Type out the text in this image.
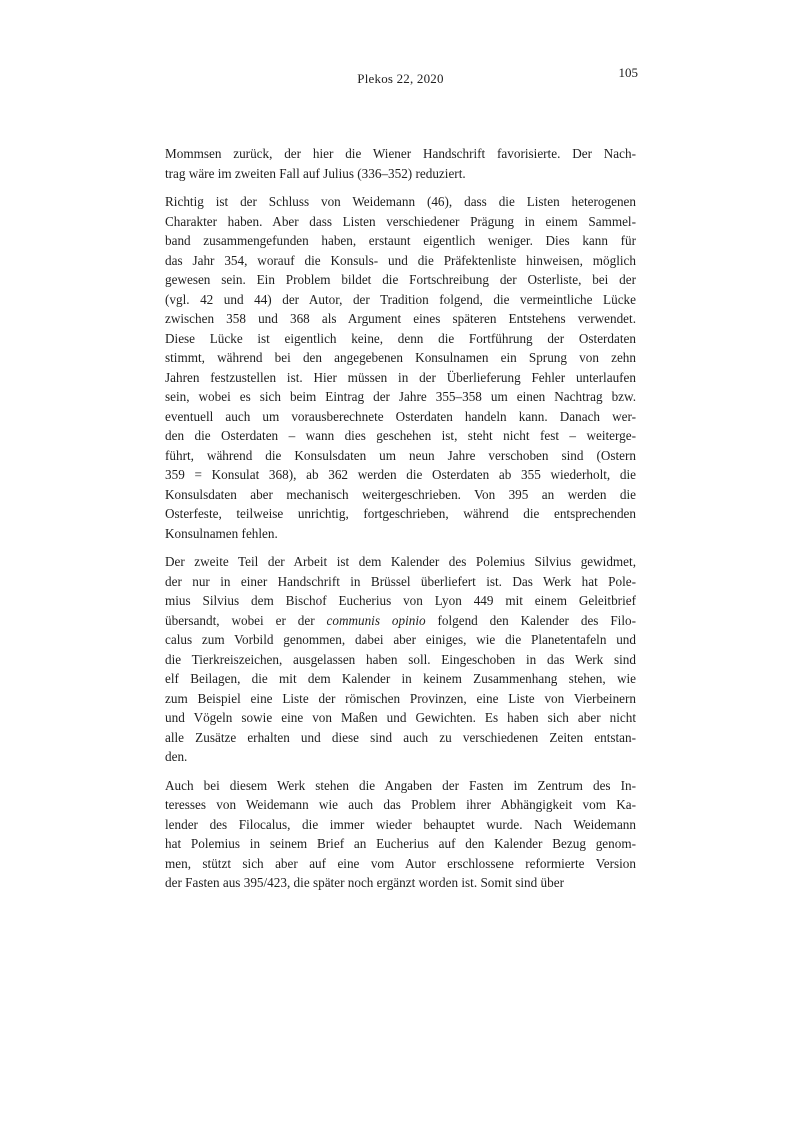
Plekos 22, 2020	105
Mommsen zurück, der hier die Wiener Handschrift favorisierte. Der Nach-
trag wäre im zweiten Fall auf Julius (336–352) reduziert.
Richtig ist der Schluss von Weidemann (46), dass die Listen heterogenen
Charakter haben. Aber dass Listen verschiedener Prägung in einem Sammel-
band zusammengefunden haben, erstaunt eigentlich weniger. Dies kann für
das Jahr 354, worauf die Konsuls- und die Präfektenliste hinweisen, möglich
gewesen sein. Ein Problem bildet die Fortschreibung der Osterliste, bei der
(vgl. 42 und 44) der Autor, der Tradition folgend, die vermeintliche Lücke
zwischen 358 und 368 als Argument eines späteren Entstehens verwendet.
Diese Lücke ist eigentlich keine, denn die Fortführung der Osterdaten
stimmt, während bei den angegebenen Konsulnamen ein Sprung von zehn
Jahren festzustellen ist. Hier müssen in der Überlieferung Fehler unterlaufen
sein, wobei es sich beim Eintrag der Jahre 355–358 um einen Nachtrag bzw.
eventuell auch um vorausberechnete Osterdaten handeln kann. Danach wer-
den die Osterdaten – wann dies geschehen ist, steht nicht fest – weiterge-
führt, während die Konsulsdaten um neun Jahre verschoben sind (Ostern
359 = Konsulat 368), ab 362 werden die Osterdaten ab 355 wiederholt, die
Konsulsdaten aber mechanisch weitergeschrieben. Von 395 an werden die
Osterfeste, teilweise unrichtig, fortgeschrieben, während die entsprechenden
Konsulnamen fehlen.
Der zweite Teil der Arbeit ist dem Kalender des Polemius Silvius gewidmet,
der nur in einer Handschrift in Brüssel überliefert ist. Das Werk hat Pole-
mius Silvius dem Bischof Eucherius von Lyon 449 mit einem Geleitbrief
übersandt, wobei er der communis opinio folgend den Kalender des Filo-
calus zum Vorbild genommen, dabei aber einiges, wie die Planetentafeln und
die Tierkreiszeichen, ausgelassen haben soll. Eingeschoben in das Werk sind
elf Beilagen, die mit dem Kalender in keinem Zusammenhang stehen, wie
zum Beispiel eine Liste der römischen Provinzen, eine Liste von Vierbeinern
und Vögeln sowie eine von Maßen und Gewichten. Es haben sich aber nicht
alle Zusätze erhalten und diese sind auch zu verschiedenen Zeiten entstan-
den.
Auch bei diesem Werk stehen die Angaben der Fasten im Zentrum des In-
teresses von Weidemann wie auch das Problem ihrer Abhängigkeit vom Ka-
lender des Filocalus, die immer wieder behauptet wurde. Nach Weidemann
hat Polemius in seinem Brief an Eucherius auf den Kalender Bezug genom-
men, stützt sich aber auf eine vom Autor erschlossene reformierte Version
der Fasten aus 395/423, die später noch ergänzt worden ist. Somit sind über
